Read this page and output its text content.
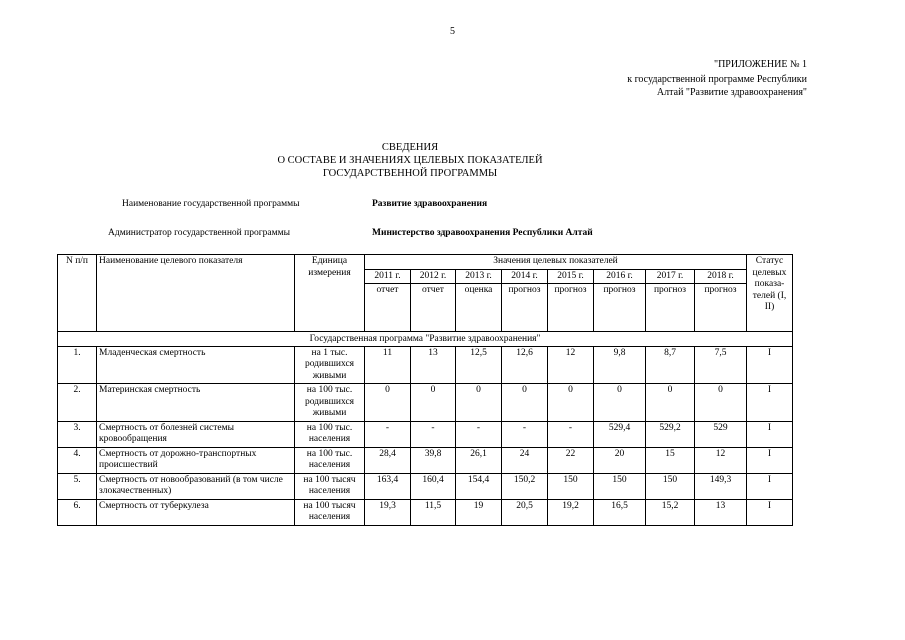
5
"ПРИЛОЖЕНИЕ № 1
к государственной программе Республики
Алтай "Развитие здравоохранения"
СВЕДЕНИЯ
О СОСТАВЕ И ЗНАЧЕНИЯХ ЦЕЛЕВЫХ ПОКАЗАТЕЛЕЙ
ГОСУДАРСТВЕННОЙ ПРОГРАММЫ
Наименование государственной программы	Развитие здравоохранения
Администратор государственной программы	Министерство здравоохранения Республики Алтай
N п/п	Наименование целевого показателя	Единица измерения	Значения целевых показателей								Статус целевых показа- телей (I, II)
			2011 г.	2012 г.	2013 г.	2014 г.	2015 г.	2016 г.	2017 г.	2018 г.	
			отчет	отчет	оценка	прогноз	прогноз	прогноз	прогноз	прогноз	
Государственная программа "Развитие здравоохранения"											
1.	Младенческая смертность	на 1 тыс. родившихся живыми	11	13	12,5	12,6	12	9,8	8,7	7,5	I
2.	Материнская смертность	на 100 тыс. родившихся живыми	0	0	0	0	0	0	0	0	I
3.	Смертность от болезней системы кровообращения	на 100 тыс. населения	-	-	-	-	-	529,4	529,2	529	I
4.	Смертность от дорожно-транспортных происшествий	на 100 тыс. населения	28,4	39,8	26,1	24	22	20	15	12	I
5.	Смертность от новообразований (в том числе злокачественных)	на 100 тысяч населения	163,4	160,4	154,4	150,2	150	150	150	149,3	I
6.	Смертность от туберкулеза	на 100 тысяч населения	19,3	11,5	19	20,5	19,2	16,5	15,2	13	I
